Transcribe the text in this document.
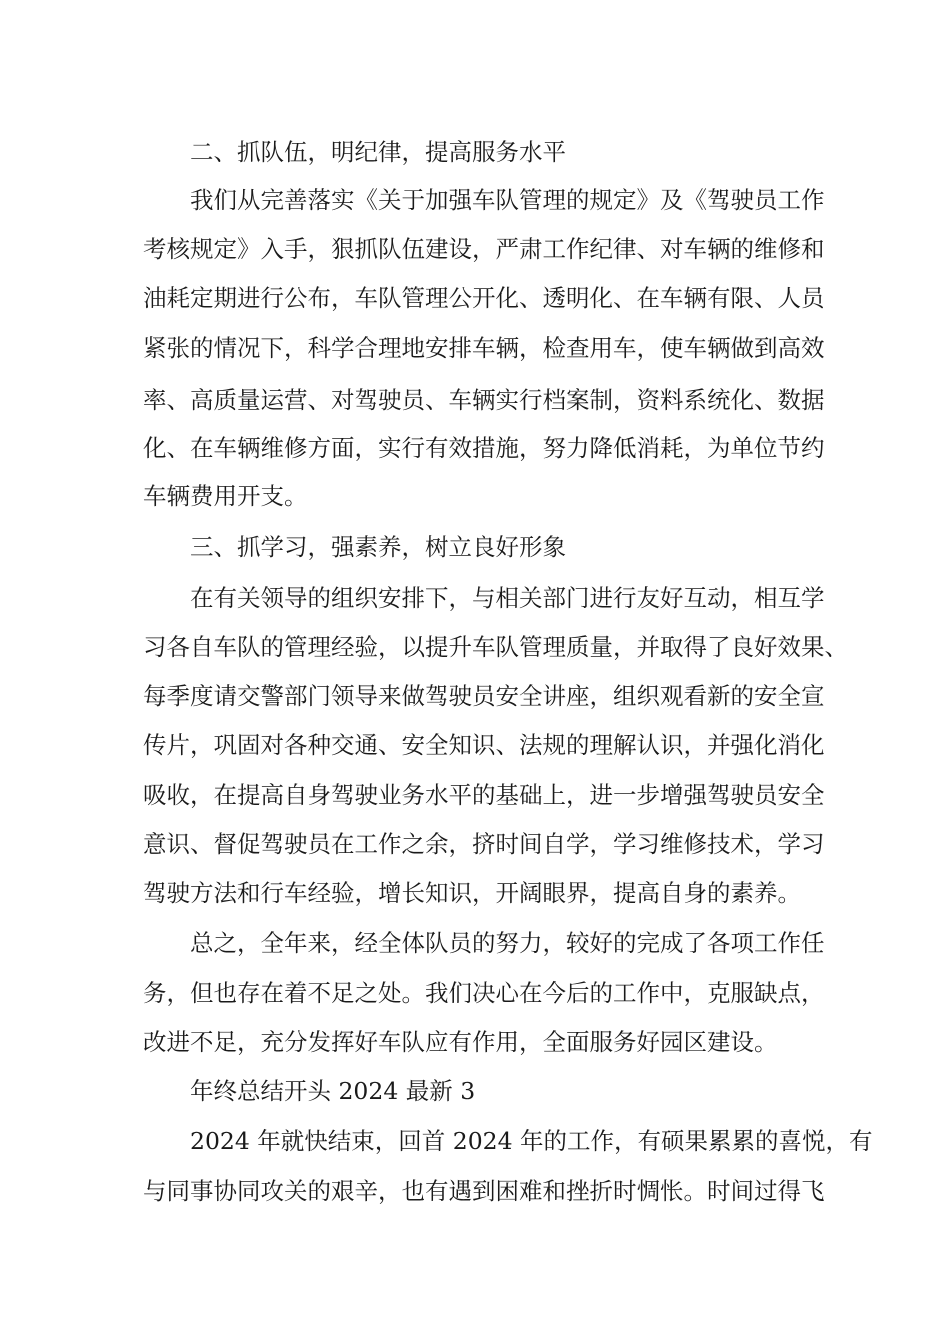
二、抓队伍，明纪律，提高服务水平
我们从完善落实《关于加强车队管理的规定》及《驾驶员工作
考核规定》入手，狠抓队伍建设，严肃工作纪律、对车辆的维修和
油耗定期进行公布，车队管理公开化、透明化、在车辆有限、人员
紧张的情况下，科学合理地安排车辆，检查用车，使车辆做到高效
率、高质量运营、对驾驶员、车辆实行档案制，资料系统化、数据
化、在车辆维修方面，实行有效措施，努力降低消耗，为单位节约
车辆费用开支。
三、抓学习，强素养，树立良好形象
在有关领导的组织安排下，与相关部门进行友好互动，相互学
习各自车队的管理经验，以提升车队管理质量，并取得了良好效果、
每季度请交警部门领导来做驾驶员安全讲座，组织观看新的安全宣
传片，巩固对各种交通、安全知识、法规的理解认识，并强化消化
吸收，在提高自身驾驶业务水平的基础上，进一步增强驾驶员安全
意识、督促驾驶员在工作之余，挤时间自学，学习维修技术，学习
驾驶方法和行车经验，增长知识，开阔眼界，提高自身的素养。
总之，全年来，经全体队员的努力，较好的完成了各项工作任
务，但也存在着不足之处。我们决心在今后的工作中，克服缺点，
改进不足，充分发挥好车队应有作用，全面服务好园区建设。
年终总结开头 2024 最新 3
2024 年就快结束，回首 2024 年的工作，有硕果累累的喜悦，有
与同事协同攻关的艰辛，也有遇到困难和挫折时惆怅。时间过得飞
